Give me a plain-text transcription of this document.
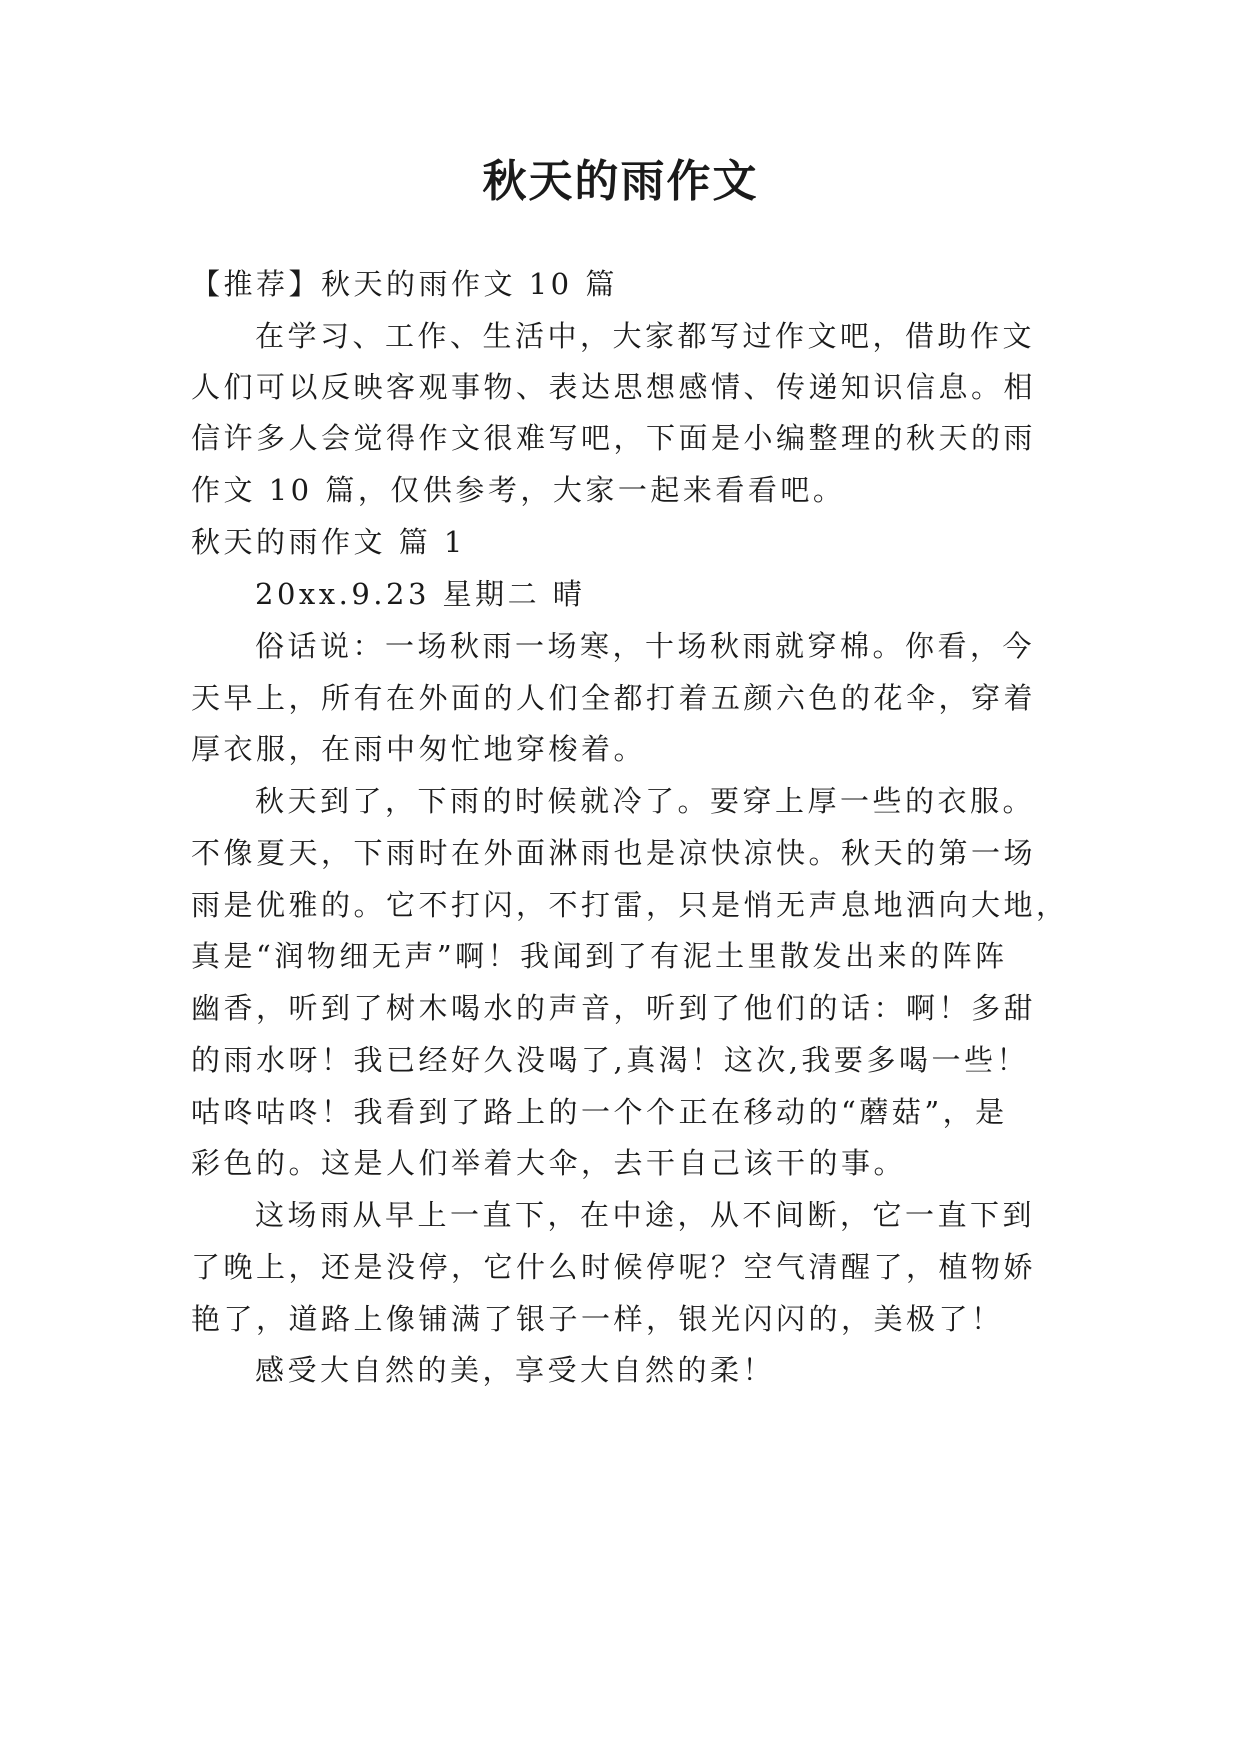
秋天的雨作文

【推荐】秋天的雨作文 10 篇

在学习、工作、生活中，大家都写过作文吧，借助作文

人们可以反映客观事物、表达思想感情、传递知识信息。相

信许多人会觉得作文很难写吧，下面是小编整理的秋天的雨

作文 10 篇，仅供参考，大家一起来看看吧。

秋天的雨作文 篇 1

20xx.9.23 星期二 晴

俗话说：一场秋雨一场寒，十场秋雨就穿棉。你看，今

天早上，所有在外面的人们全都打着五颜六色的花伞，穿着

厚衣服，在雨中匆忙地穿梭着。

秋天到了，下雨的时候就冷了。要穿上厚一些的衣服。

不像夏天，下雨时在外面淋雨也是凉快凉快。秋天的第一场

雨是优雅的。它不打闪，不打雷，只是悄无声息地洒向大地，

真是“润物细无声”啊！我闻到了有泥土里散发出来的阵阵

幽香，听到了树木喝水的声音，听到了他们的话：啊！多甜

的雨水呀！我已经好久没喝了,真渴！这次,我要多喝一些！

咕咚咕咚！我看到了路上的一个个正在移动的“蘑菇”，是

彩色的。这是人们举着大伞，去干自己该干的事。

这场雨从早上一直下，在中途，从不间断，它一直下到

了晚上，还是没停，它什么时候停呢？空气清醒了，植物娇

艳了，道路上像铺满了银子一样，银光闪闪的，美极了！

感受大自然的美，享受大自然的柔！
